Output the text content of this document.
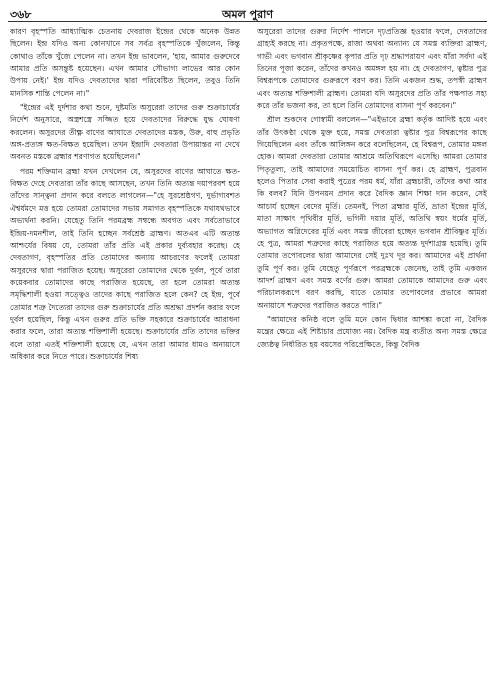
৩৬৮	অমল পুরাণ

কারণ বৃহস্পতি আধ্যাত্মিক চেতনায় দেবরাজ ইন্দ্রের থেকে অনেক উন্নত ছিলেন। ইন্দ্র যদিও অন্য কোনখানে সব সর্বত্র বৃহস্পতিকে খুঁজলেন, কিন্তু কোথাও তাঁকে খুঁজে পেলেন না। তখন ইন্দ্র ভাবলেন, 'হায়, আমার গুরুদেবে আমার প্রতি অসন্তুষ্ট হয়েছেন। এখন আমার সৌভাগ্য লাভের আর কোন উপায় নেই।' ইন্দ্র যদিও দেবতাদের দ্বারা পরিবেষ্টিত ছিলেন, তবুও তিনি মানসিক শান্তি পেলেন না।"

"ইন্দ্রের এই দুর্দশার কথা শুনে, দুষ্টমতি অসুরেরা তাদের গুরু শুক্রাচার্যের নির্দেশ অনুসারে, অস্ত্রশস্ত্রে সজ্জিত হয়ে দেবতাদের বিরুদ্ধে যুদ্ধ ঘোষণা করলেন। অসুরদের তীক্ষ্ণ বাণের আঘাতে দেবতাদের মস্তক, উরু, বাহু প্রভৃতি অঙ্গ-প্রত্যঙ্গ ক্ষত-বিক্ষত হয়েছিল। তখন ইন্দ্রাদি দেবতারা উপায়ান্তর না দেখে অবনত মস্তকে ব্রহ্মার শরণাগত হয়েছিলেন।"

পরম শক্তিমান ব্রহ্মা যখন দেখলেন যে, অসুরদের বাণের আঘাতে ক্ষত-বিক্ষত দেহে দেবতারা তাঁর কাছে আসছেন, তখন তিনি অত্যন্ত দয়াপরবশ হয়ে তাঁদের সান্ত্বনা প্রদান করে বলতে লাগলেন—"হে সুরশ্রেষ্ঠগণ, দুর্ভাগ্যবশত ঐশ্বর্যমদে মত্ত হয়ে তোমরা তোমাদের সভায় সমাগত বৃহস্পতিকে যথাযথভাবে অভ্যর্থনা করনি। যেহেতু তিনি পরমব্রহ্ম সম্বন্ধে অবগত এবং সর্বতোভাবে ইন্দ্রিয়-দমনশীল, তাই তিনি হচ্ছেন সর্বশ্রেষ্ঠ ব্রাহ্মণ। অতএব এটি অত্যন্ত আশ্চর্যের বিষয় যে, তোমরা তাঁর প্রতি এই প্রকার দুর্ব্যবহার করেছ। হে দেবতাগণ, বৃহস্পতির প্রতি তোমাদের অন্যায় আচরণের ফলেই তোমরা অসুরদের দ্বারা পরাজিত হয়েছ। অসুরেরা তোমাদের থেকে দুর্বল, পূর্বে তারা কয়েকবার তোমাদের কাছে পরাজিত হয়েছে, তা হলে তোমরা অত্যন্ত সমৃদ্ধিশালী হওয়া সত্ত্বেও তাদের কাছে পরাজিত হলে কেন? হে ইন্দ্র, পূর্বে তোমার শত্রু দৈত্যেরা তাদের গুরু শুক্রাচার্যের প্রতি অশ্রদ্ধা প্রদর্শন করার ফলে দুর্বল হয়েছিল, কিন্তু এখন গুরুর প্রতি ভক্তি সহকারে শুক্রাচার্যের আরাধনা করার ফলে, তারা অত্যন্ত শক্তিশালী হয়েছে। শুক্রাচার্যের প্রতি তাদের ভক্তির বলে তারা এতই শক্তিশালী হয়েছে যে, এখন তারা আমার ধামও অনায়াসে অধিকার করে নিতে পারে। শুক্রাচার্যের শিষ্য

অসুরেরা তাদের গুরুর নির্দেশ পালনে দৃঢ়প্রতিজ্ঞ হওয়ার ফলে, দেবতাদের গ্রাহ্যই করছে না। প্রকৃতপক্ষে, রাজা অথবা অন্যান্য যে সমস্ত ব্যক্তিরা ব্রাহ্মণ, গাভী এবং ভগবান শ্রীকৃষ্ণের কৃপার প্রতি দৃঢ় শ্রদ্ধাপরায়ণ এবং যাঁরা সর্বদা এই তিনের পূজা করেন, তাঁদের কখনও অমঙ্গল হয় না। হে দেবতাগণ, ত্বষ্টার পুত্র বিশ্বরূপকে তোমাদের গুরুরূপে বরণ কর। তিনি একজন শুদ্ধ, তপস্বী ব্রাহ্মণ এবং অত্যন্ত শক্তিশালী ব্রাহ্মণ। তোমরা যদি অসুরদের প্রতি তাঁর পক্ষপাত সহ্য করে তাঁর ভজনা কর, তা হলে তিনি তোমাদের বাসনা পূর্ণ করবেন।"

শ্রীল শুকদেব গোস্বামী বললেন—"এইভাবে ব্রহ্মা কর্তৃক আদিষ্ট হয়ে এবং তাঁর উৎকণ্ঠা থেকে মুক্ত হয়ে, সমস্ত দেবতারা ত্বষ্টার পুত্র বিশ্বরূপের কাছে গিয়েছিলেন এবং তাঁকে আলিঙ্গন করে বলেছিলেন, হে বিশ্বরূপ, তোমার মঙ্গল হোক। আমরা দেবতারা তোমার আশ্রমে অতিথিরূপে এসেছি। আমরা তোমার পিতৃতুল্য, তাই আমাদের সময়োচিত বাসনা পূর্ণ কর। হে ব্রাহ্মণ, পুত্রবান হলেও পিতার সেবা করাই পুত্রের পরম ধর্ম, যাঁরা ব্রহ্মচারী, তাঁদের কথা আর কি বলব? যিনি উপনয়ন প্রদান করে বৈদিক জ্ঞান শিক্ষা দান করেন, সেই আচার্য হচ্ছেন বেদের মূর্তি। তেমনই, পিতা ব্রহ্মার মূর্তি, ভ্রাতা ইন্দ্রের মূর্তি, মাতা সাক্ষাৎ পৃথিবীর মূর্তি, ভগিনী দয়ার মূর্তি, অতিথি স্বয়ং ধর্মের মূর্তি, অভ্যাগত অগ্নিদেবের মূর্তি এবং সমস্ত জীবেরা হচ্ছেন ভগবান শ্রীবিষ্ণুর মূর্তি। হে পুত্র, আমরা শত্রুদের কাছে পরাজিত হয়ে অত্যন্ত দুর্দশাগ্রস্ত হয়েছি। তুমি তোমার তপোবলের দ্বারা আমাদের সেই দুঃখ দূর কর। আমাদের এই প্রার্থনা তুমি পূর্ণ কর। তুমি যেহেতু পূর্ণরূপে পরব্রহ্মকে জেনেছ, তাই তুমি একজন আদর্শ ব্রাহ্মণ এবং সমস্ত বর্ণের গুরু। আমরা তোমাকে আমাদের গুরু এবং পরিচালকরূপে বরণ করছি, যাতে তোমার তপোবলের প্রভাবে আমরা অনায়াসে শত্রুদের পরাজিত করতে পারি।"

"আমাদের কনিষ্ঠ বলে তুমি মনে কোন দ্বিধার আশঙ্কা করো না, বৈদিক মন্ত্রের ক্ষেত্রে এই শিষ্টাচার প্রযোজ্য নয়। বৈদিক মন্ত্র ব্যতীত অন্য সমস্ত ক্ষেত্রে জ্যেষ্ঠত্ব নির্ধারিত হয় বয়সের পরিপ্রেক্ষিতে, কিন্তু বৈদিক
